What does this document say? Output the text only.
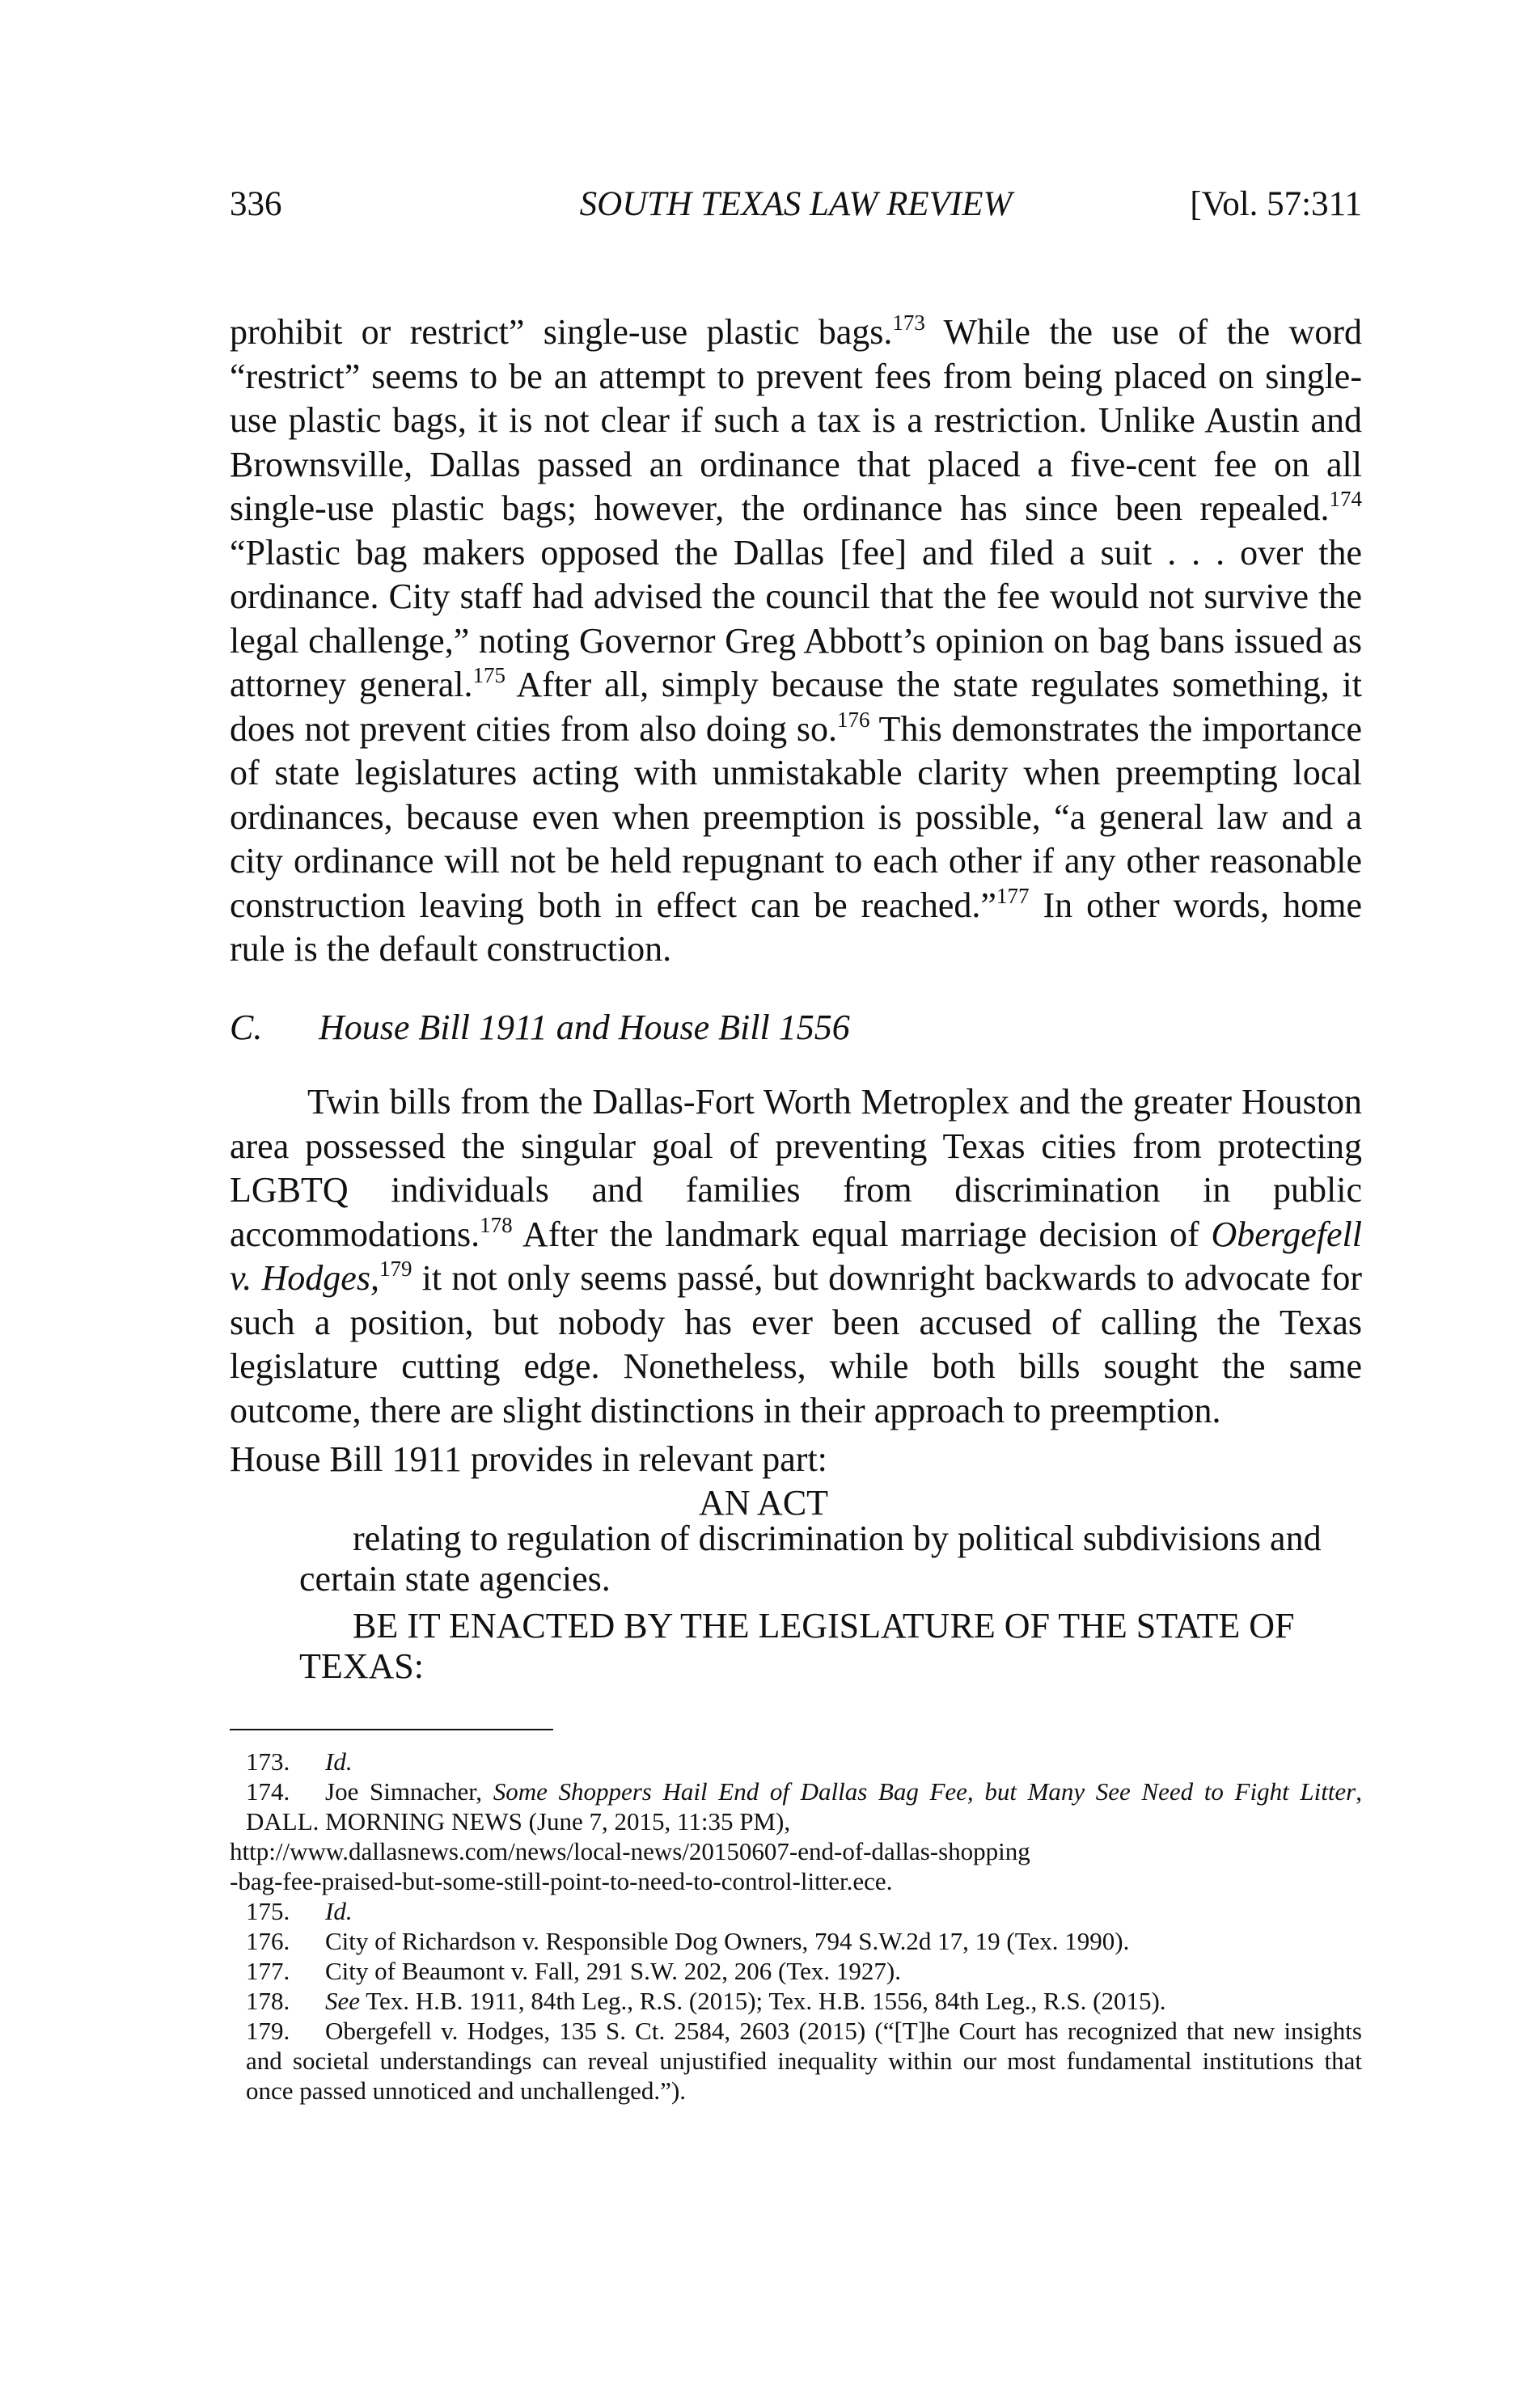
336	SOUTH TEXAS LAW REVIEW	[Vol. 57:311

prohibit or restrict” single-use plastic bags.$^{173}$ While the use of the word “restrict” seems to be an attempt to prevent fees from being placed on single-use plastic bags, it is not clear if such a tax is a restriction. Unlike Austin and Brownsville, Dallas passed an ordinance that placed a five-cent fee on all single-use plastic bags; however, the ordinance has since been repealed.$^{174}$ “Plastic bag makers opposed the Dallas [fee] and filed a suit . . . over the ordinance. City staff had advised the council that the fee would not survive the legal challenge,” noting Governor Greg Abbott’s opinion on bag bans issued as attorney general.$^{175}$ After all, simply because the state regulates something, it does not prevent cities from also doing so.$^{176}$ This demonstrates the importance of state legislatures acting with unmistakable clarity when preempting local ordinances, because even when preemption is possible, “a general law and a city ordinance will not be held repugnant to each other if any other reasonable construction leaving both in effect can be reached.”$^{177}$ In other words, home rule is the default construction.

C. House Bill 1911 and House Bill 1556

Twin bills from the Dallas-Fort Worth Metroplex and the greater Houston area possessed the singular goal of preventing Texas cities from protecting LGBTQ individuals and families from discrimination in public accommodations.$^{178}$ After the landmark equal marriage decision of Obergefell v. Hodges,$^{179}$ it not only seems passé, but downright backwards to advocate for such a position, but nobody has ever been accused of calling the Texas legislature cutting edge. Nonetheless, while both bills sought the same outcome, there are slight distinctions in their approach to preemption.

House Bill 1911 provides in relevant part:
AN ACT
relating to regulation of discrimination by political subdivisions and certain state agencies.
BE IT ENACTED BY THE LEGISLATURE OF THE STATE OF TEXAS:

173. Id.

174. Joe Simnacher, Some Shoppers Hail End of Dallas Bag Fee, but Many See Need to Fight Litter, DALL. MORNING NEWS (June 7, 2015, 11:35 PM),

http://www.dallasnews.com/news/local-news/20150607-end-of-dallas-shopping
-bag-fee-praised-but-some-still-point-to-need-to-control-litter.ece.

175. Id.

176. City of Richardson v. Responsible Dog Owners, 794 S.W.2d 17, 19 (Tex. 1990).

177. City of Beaumont v. Fall, 291 S.W. 202, 206 (Tex. 1927).

178. See Tex. H.B. 1911, 84th Leg., R.S. (2015); Tex. H.B. 1556, 84th Leg., R.S. (2015).

179. Obergefell v. Hodges, 135 S. Ct. 2584, 2603 (2015) (“[T]he Court has recognized that new insights and societal understandings can reveal unjustified inequality within our most fundamental institutions that once passed unnoticed and unchallenged.”).
